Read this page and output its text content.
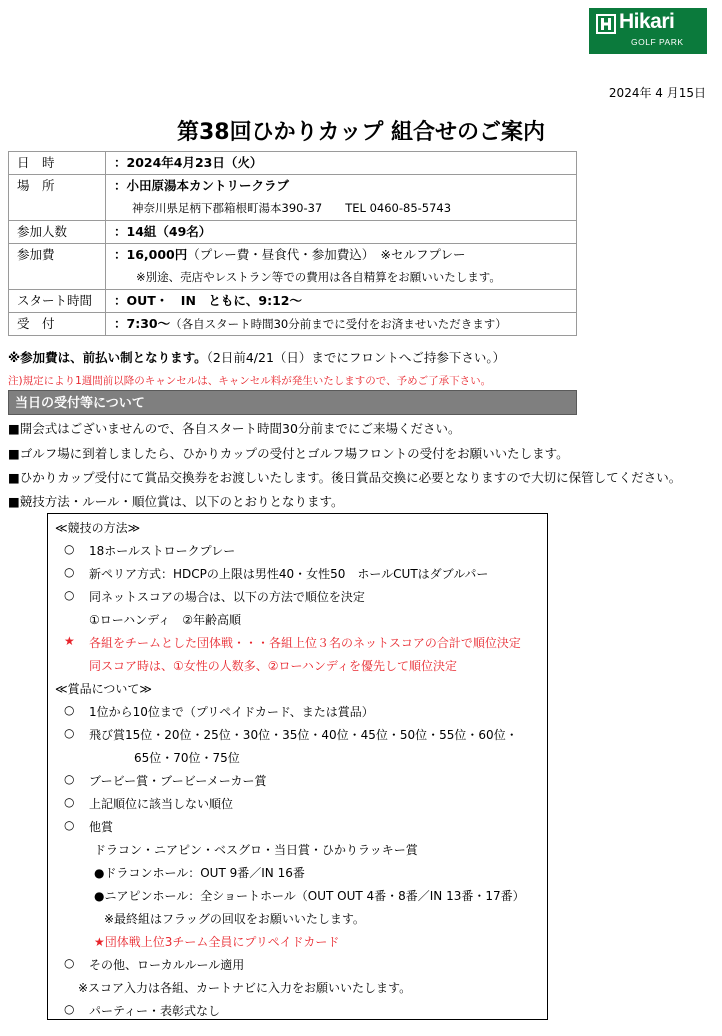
Hikari
GOLF PARK
2024年 4 月15日
第38回ひかりカップ 組合せのご案内
日　時	：2024年4月23日（火）

場　所	：小田原湯本カントリークラブ
神奈川県足柄下郡箱根町湯本390-37　　TEL 0460-85-5743

参加人数	：14組（49名）

参加費	：16,000円（プレー費・昼食代・参加費込）　※セルフプレー
※別途、売店やレストラン等での費用は各自精算をお願いいたします。

スタート時間	：OUT・　IN　ともに、9:12～

受　付	：7:30～（各自スタート時間30分前までに受付をお済ませいただきます）
※参加費は、前払い制となります。（2日前4/21（日）までにフロントへご持参下さい。）
注)規定により1週間前以降のキャンセルは、キャンセル料が発生いたしますので、予めご了承下さい。
当日の受付等について
■開会式はございませんので、各自スタート時間30分前までにご来場ください。
■ゴルフ場に到着しましたら、ひかりカップの受付とゴルフ場フロントの受付をお願いいたします。
■ひかりカップ受付にて賞品交換券をお渡しいたします。後日賞品交換に必要となりますので大切に保管してください。
■競技方法・ルール・順位賞は、以下のとおりとなります。
≪競技の方法≫
○ 18ホールストロークプレー
○ 新ペリア方式：HDCPの上限は男性40・女性50　ホールCUTはダブルパー
○ 同ネットスコアの場合は、以下の方法で順位を決定
①ローハンディ　②年齢高順
★ 各組をチームとした団体戦・・・各組上位３名のネットスコアの合計で順位決定
同スコア時は、①女性の人数多、②ローハンディを優先して順位決定
≪賞品について≫
○ 1位から10位まで（プリペイドカード、または賞品）
○ 飛び賞15位・20位・25位・30位・35位・40位・45位・50位・55位・60位・
65位・70位・75位
○ ブービー賞・ブービーメーカー賞
○ 上記順位に該当しない順位
○ 他賞
ドラコン・ニアピン・ベスグロ・当日賞・ひかりラッキー賞
●ドラコンホール：OUT 9番／IN 16番
●ニアピンホール：全ショートホール（OUT OUT 4番・8番／IN 13番・17番）
※最終組はフラッグの回収をお願いいたします。
★団体戦上位3チーム全員にプリペイドカード
○ その他、ローカルルール適用
※スコア入力は各組、カートナビに入力をお願いいたします。
○ パーティー・表彰式なし
